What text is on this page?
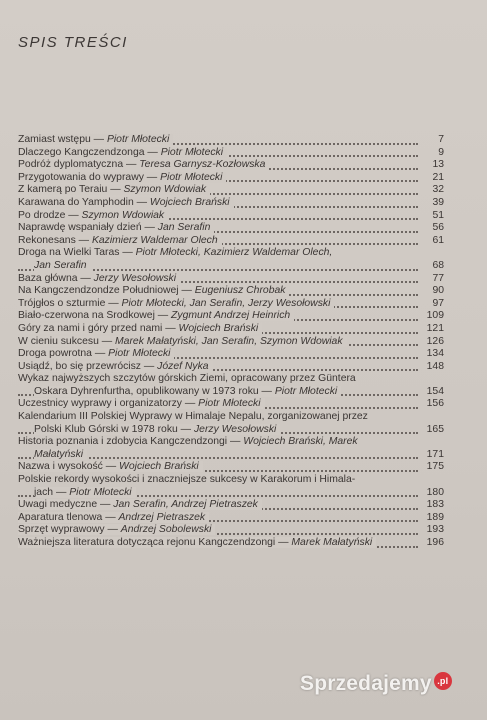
SPIS TREŚCI
Zamiast wstępu — Piotr Młotecki	7
Dlaczego Kangczendzonga — Piotr Młotecki	9
Podróż dyplomatyczna — Teresa Garnysz-Kozłowska	13
Przygotowania do wyprawy — Piotr Młotecki	21
Z kamerą po Teraiu — Szymon Wdowiak	32
Karawana do Yamphodin — Wojciech Brański	39
Po drodze — Szymon Wdowiak	51
Naprawdę wspaniały dzień — Jan Serafin	56
Rekonesans — Kazimierz Waldemar Olech	61
Droga na Wielki Taras — Piotr Młotecki, Kazimierz Waldemar Olech,
Jan Serafin	68
Baza główna — Jerzy Wesołowski	77
Na Kangczendzondze Południowej — Eugeniusz Chrobak	90
Trójgłos o szturmie — Piotr Młotecki, Jan Serafin, Jerzy Wesołowski	97
Biało-czerwona na Środkowej — Zygmunt Andrzej Heinrich	109
Góry za nami i góry przed nami — Wojciech Brański	121
W cieniu sukcesu — Marek Małatyński, Jan Serafin, Szymon Wdowiak	126
Droga powrotna — Piotr Młotecki	134
Usiądź, bo się przewrócisz — Józef Nyka	148
Wykaz najwyższych szczytów górskich Ziemi, opracowany przez Güntera
Oskara Dyhrenfurtha, opublikowany w 1973 roku — Piotr Młotecki	154
Uczestnicy wyprawy i organizatorzy — Piotr Młotecki	156
Kalendarium III Polskiej Wyprawy w Himalaje Nepalu, zorganizowanej przez
Polski Klub Górski w 1978 roku — Jerzy Wesołowski	165
Historia poznania i zdobycia Kangczendzongi — Wojciech Brański, Marek
Małatyński	171
Nazwa i wysokość — Wojciech Brański	175
Polskie rekordy wysokości i znaczniejsze sukcesy w Karakorum i Himala-
jach — Piotr Młotecki	180
Uwagi medyczne — Jan Serafin, Andrzej Pietraszek	183
Aparatura tlenowa — Andrzej Pietraszek	189
Sprzęt wyprawowy — Andrzej Sobolewski	193
Ważniejsza literatura dotycząca rejonu Kangczendzongi — Marek Małatyński	196
Sprzedajemy .pl
